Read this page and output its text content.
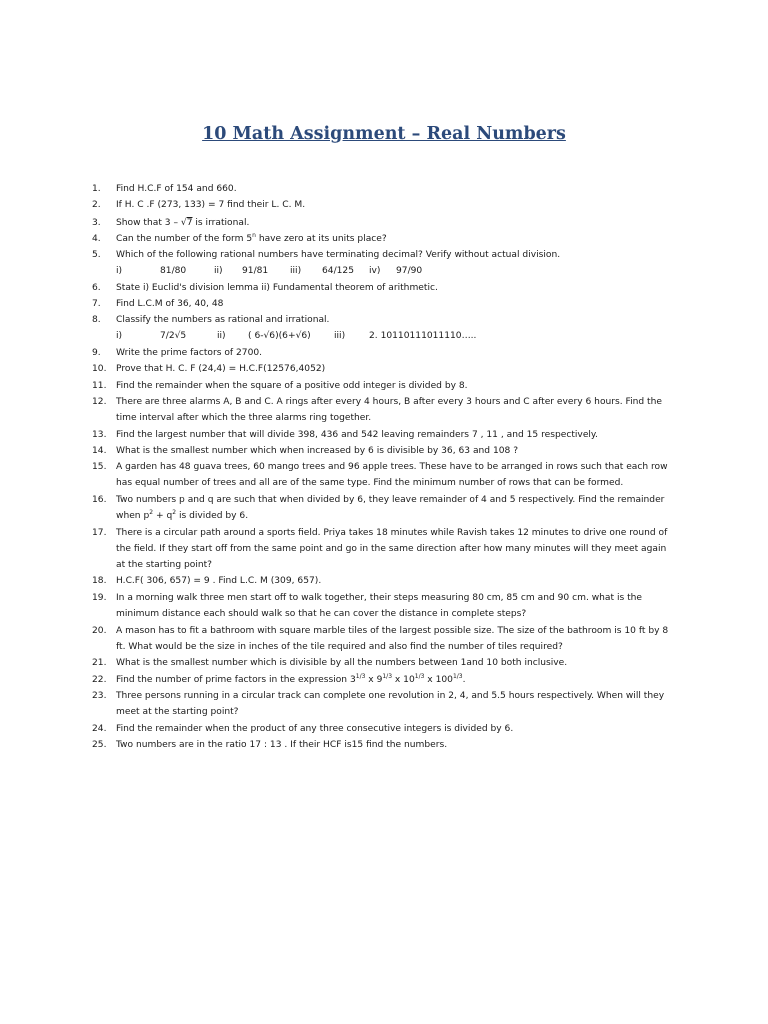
10 Math Assignment – Real Numbers
1.	Find H.C.F of 154 and 660.
2.	If H. C .F (273, 133) = 7 find their L. C. M.
3.	Show that 3 – √7 is irrational.
4.	Can the number of the form 5$^n$ have zero at its units place?
5.	Which of the following rational numbers have terminating decimal? Verify without actual division.
i)	81/80	ii) 91/81 iii) 64/125 iv) 97/90
6.	State i) Euclid's division lemma ii) Fundamental theorem of arithmetic.
7.	Find L.C.M of 36, 40, 48
8.	Classify the numbers as rational and irrational.
i)	7/2√5	ii) ( 6-√6)(6+√6)	iii)	2. 10110111011110…..
9.	Write the prime factors of 2700.
10.	Prove that H. C. F (24,4) = H.C.F(12576,4052)
11.	Find the remainder when the square of a positive odd integer is divided by 8.
12.	There are three alarms A, B and C. A rings after every 4 hours, B after every 3 hours and C after every 6 hours. Find the
time interval after which the three alarms ring together.
13.	Find the largest number that will divide 398, 436 and 542 leaving remainders 7 , 11 , and 15 respectively.
14.	What is the smallest number which when increased by 6 is divisible by 36, 63 and 108 ?
15.	A garden has 48 guava trees, 60 mango trees and 96 apple trees. These have to be arranged in rows such that each row
has equal number of trees and all are of the same type. Find the minimum number of rows that can be formed.
16.	Two numbers p and q are such that when divided by 6, they leave remainder of 4 and 5 respectively. Find the remainder
when $p^2 + q^2$ is divided by 6.
17.	There is a circular path around a sports field. Priya takes 18 minutes while Ravish takes 12 minutes to drive one round of
the field. If they start off from the same point and go in the same direction after how many minutes will they meet again
at the starting point?
18.	H.C.F( 306, 657) = 9 . Find L.C. M (309, 657).
19.	In a morning walk three men start off to walk together, their steps measuring 80 cm, 85 cm and 90 cm. what is the
minimum distance each should walk so that he can cover the distance in complete steps?
20.	A mason has to fit a bathroom with square marble tiles of the largest possible size. The size of the bathroom is 10 ft by 8
ft. What would be the size in inches of the tile required and also find the number of tiles required?
21.	What is the smallest number which is divisible by all the numbers between 1and 10 both inclusive.
22.	Find the number of prime factors in the expression $3^{1/3}$ x $9^{1/3}$ x $10^{1/3}$ x $100^{1/3}$.
23.	Three persons running in a circular track can complete one revolution in 2, 4, and 5.5 hours respectively. When will they
meet at the starting point?
24.	Find the remainder when the product of any three consecutive integers is divided by 6.
25.	Two numbers are in the ratio 17 : 13 . If their HCF is15 find the numbers.
